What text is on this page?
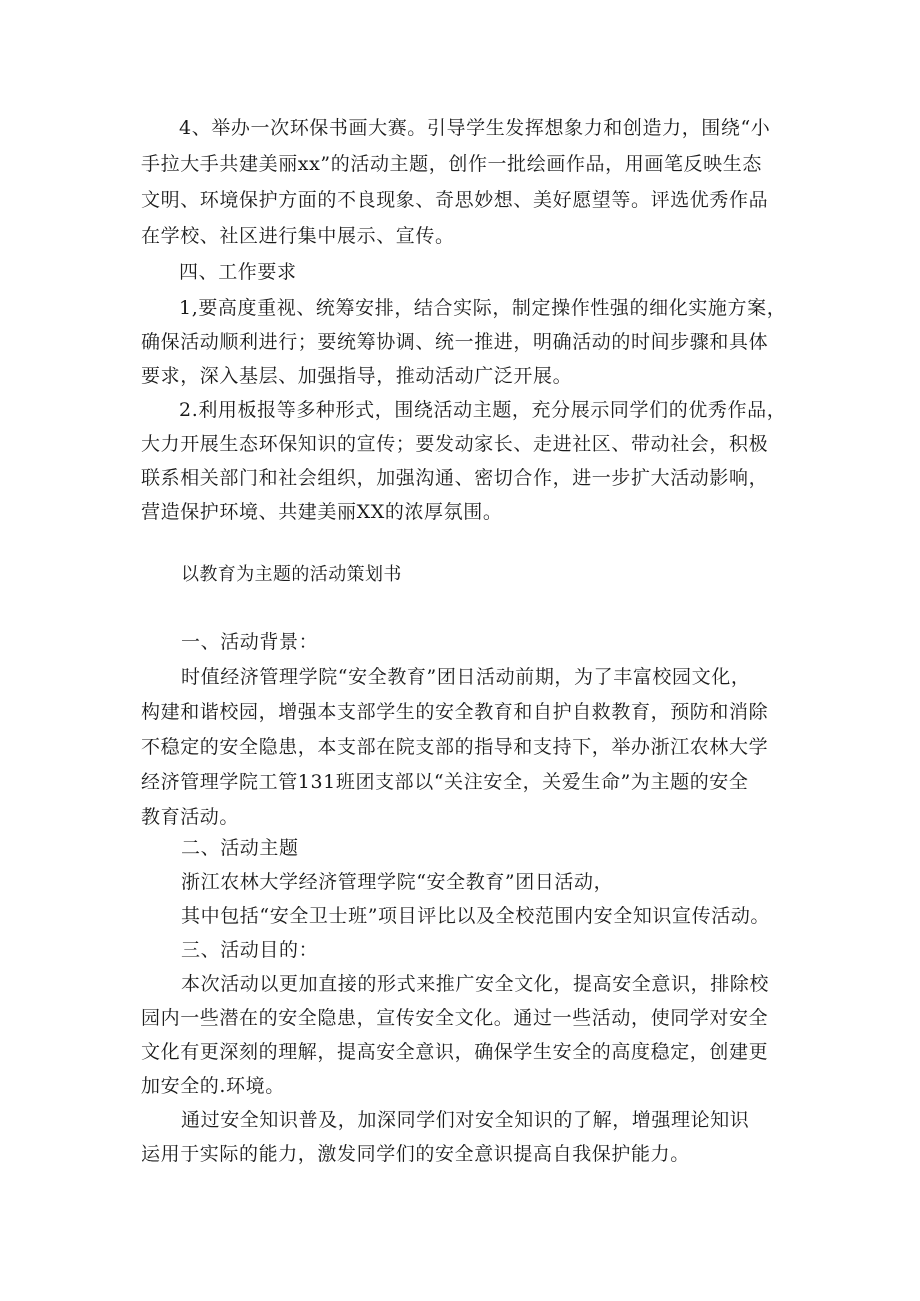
4、举办一次环保书画大赛。引导学生发挥想象力和创造力，围绕“小
手拉大手共建美丽xx”的活动主题，创作一批绘画作品，用画笔反映生态
文明、环境保护方面的不良现象、奇思妙想、美好愿望等。评选优秀作品
在学校、社区进行集中展示、宣传。
四、工作要求
1,要高度重视、统筹安排，结合实际，制定操作性强的细化实施方案，
确保活动顺利进行；要统筹协调、统一推进，明确活动的时间步骤和具体
要求，深入基层、加强指导，推动活动广泛开展。
2.利用板报等多种形式，围绕活动主题，充分展示同学们的优秀作品，
大力开展生态环保知识的宣传；要发动家长、走进社区、带动社会，积极
联系相关部门和社会组织，加强沟通、密切合作，进一步扩大活动影响，
营造保护环境、共建美丽XX的浓厚氛围。
以教育为主题的活动策划书
一、活动背景：
时值经济管理学院“安全教育”团日活动前期，为了丰富校园文化，
构建和谐校园，增强本支部学生的安全教育和自护自救教育，预防和消除
不稳定的安全隐患，本支部在院支部的指导和支持下，举办浙江农林大学
经济管理学院工管131班团支部以“关注安全，关爱生命”为主题的安全
教育活动。
二、活动主题
浙江农林大学经济管理学院“安全教育”团日活动，
其中包括“安全卫士班”项目评比以及全校范围内安全知识宣传活动。
三、活动目的：
本次活动以更加直接的形式来推广安全文化，提高安全意识，排除校
园内一些潜在的安全隐患，宣传安全文化。通过一些活动，使同学对安全
文化有更深刻的理解，提高安全意识，确保学生安全的高度稳定，创建更
加安全的.环境。
通过安全知识普及，加深同学们对安全知识的了解，增强理论知识
运用于实际的能力，激发同学们的安全意识提高自我保护能力。
